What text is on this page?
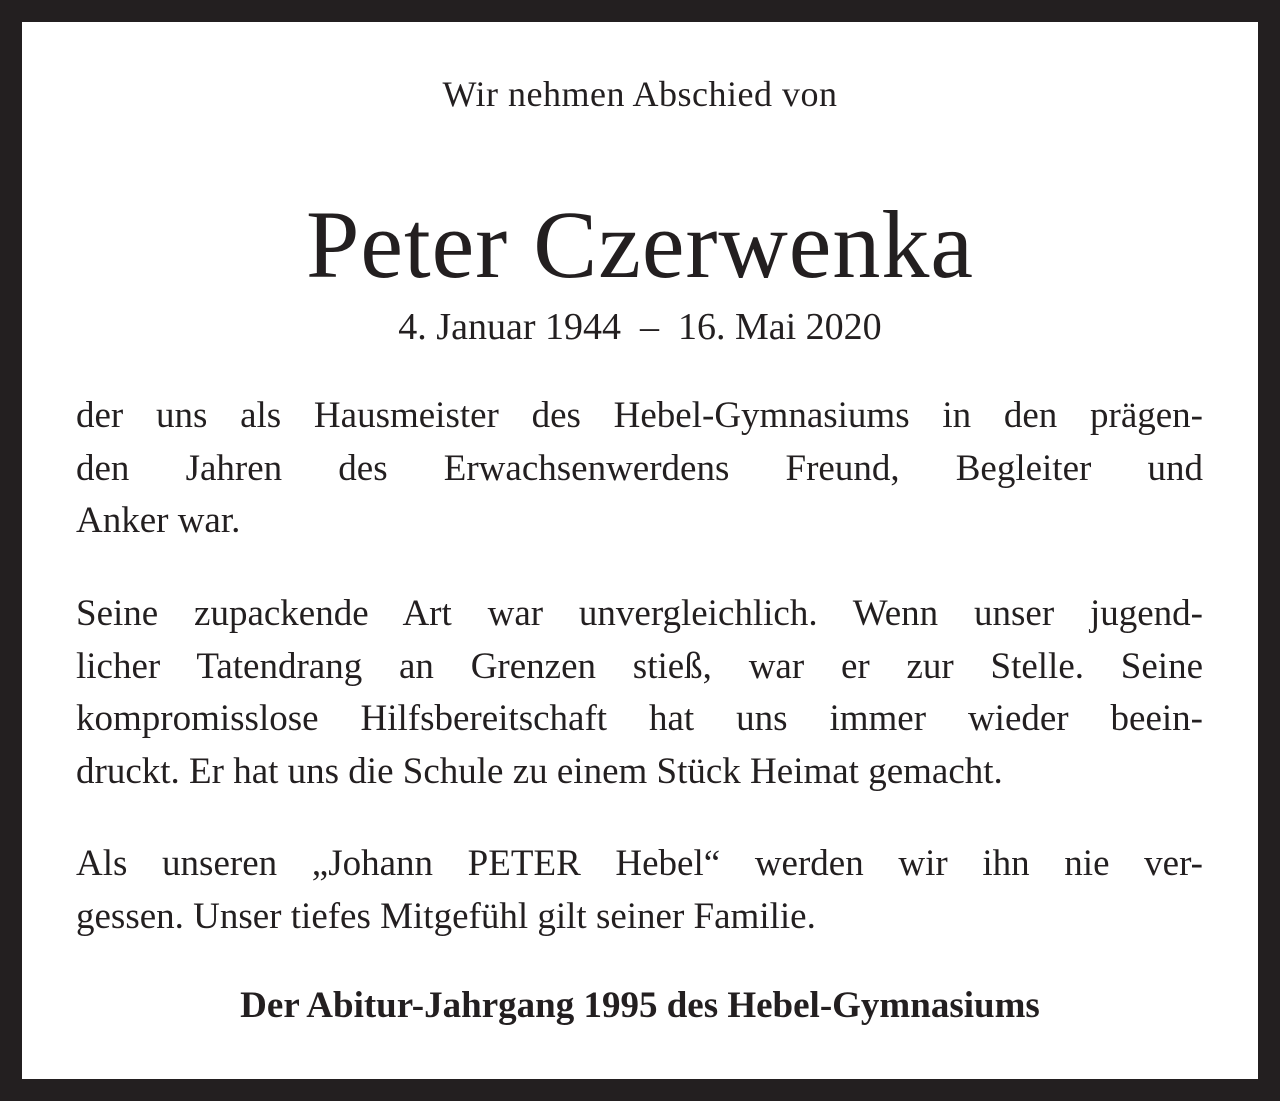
Wir nehmen Abschied von
Peter Czerwenka
4. Januar 1944  –  16. Mai 2020
der uns als Hausmeister des Hebel-Gymnasiums in den prägen-
den Jahren des Erwachsenwerdens Freund, Begleiter und
Anker war.
Seine zupackende Art war unvergleichlich. Wenn unser jugend-
licher Tatendrang an Grenzen stieß, war er zur Stelle. Seine
kompromisslose Hilfsbereitschaft hat uns immer wieder beein-
druckt. Er hat uns die Schule zu einem Stück Heimat gemacht.
Als unseren „Johann PETER Hebel“ werden wir ihn nie ver-
gessen. Unser tiefes Mitgefühl gilt seiner Familie.
Der Abitur-Jahrgang 1995 des Hebel-Gymnasiums
